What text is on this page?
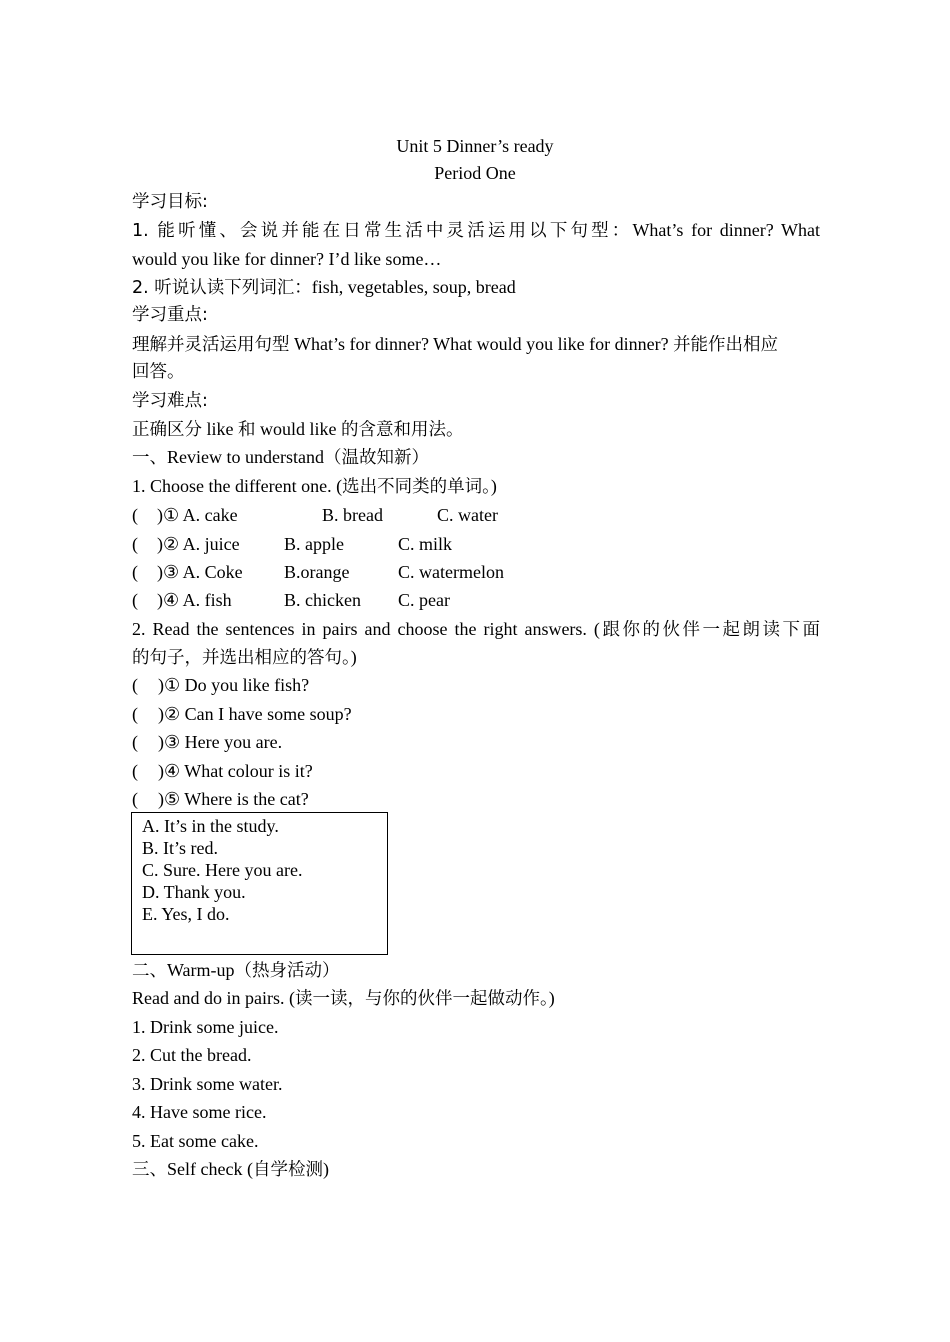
Unit 5 Dinner’s ready
Period One
学习目标:
1. 能听懂、会说并能在日常生活中灵活运用以下句型：What’s for dinner? What
would you like for dinner? I’d like some…
2. 听说认读下列词汇：fish, vegetables, soup, bread
学习重点:
理解并灵活运用句型 What’s for dinner? What would you like for dinner? 并能作出相应
回答。
学习难点:
正确区分 like 和 would like 的含意和用法。
一、Review to understand（温故知新）
1. Choose the different one. (选出不同类的单词。)
( )① A. cake	B. bread	C. water
( )② A. juice B. apple	C. milk
( )③ A. Coke B.orange	C. watermelon
( )④ A. fish	B. chicken C. pear
2. Read the sentences in pairs and choose the right answers. (跟你的伙伴一起朗读下面
的句子，并选出相应的答句。)
( )① Do you like fish?
( )② Can I have some soup?
( )③ Here you are.
( )④ What colour is it?
( )⑤ Where is the cat?
A. It’s in the study.
B. It’s red.
C. Sure. Here you are.
D. Thank you.
E. Yes, I do.
二、Warm-up（热身活动）
Read and do in pairs. (读一读，与你的伙伴一起做动作。)
1. Drink some juice.
2. Cut the bread.
3. Drink some water.
4. Have some rice.
5. Eat some cake.
三、Self check (自学检测)
